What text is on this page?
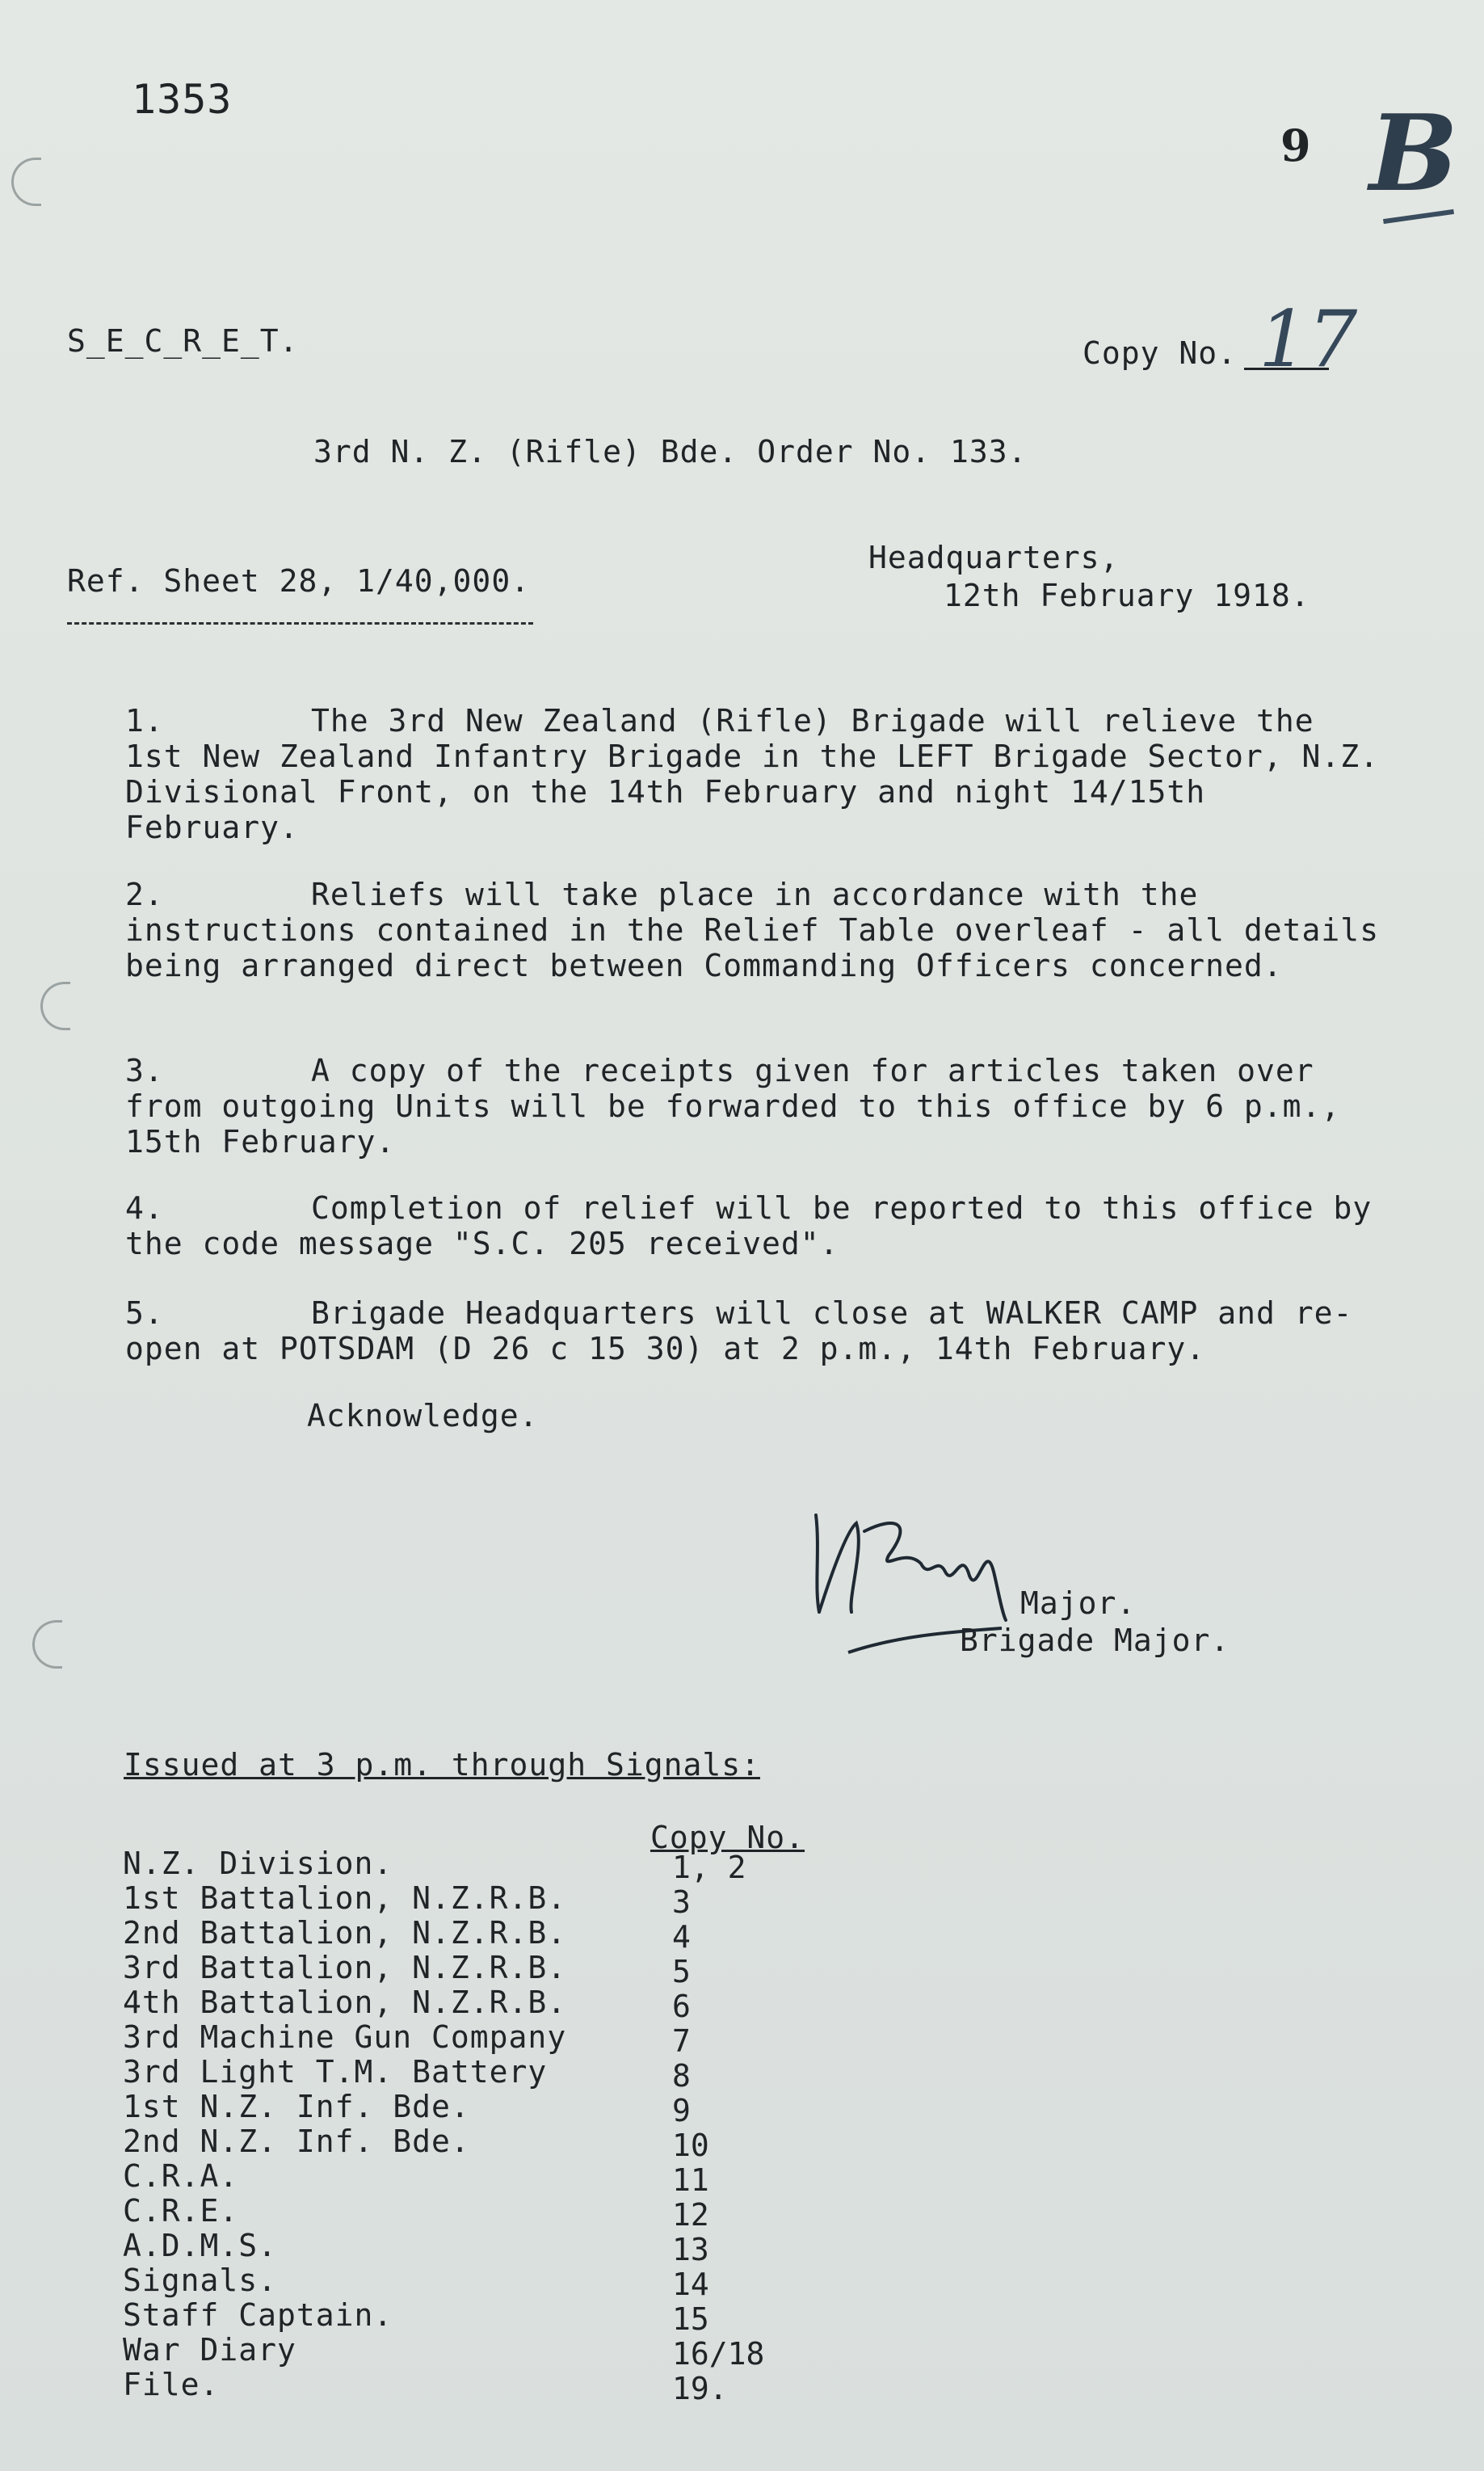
1353
9 B
S_E_C_R_E_T.	Copy No. 17
3rd N. Z. (Rifle) Bde. Order No. 133.
Ref. Sheet 28, 1/40,000.
Headquarters,
12th February 1918.
1.	The 3rd New Zealand (Rifle) Brigade will relieve the 1st New Zealand Infantry Brigade in the LEFT Brigade Sector, N.Z. Divisional Front, on the 14th February and night 14/15th February.
2.	Reliefs will take place in accordance with the instructions contained in the Relief Table overleaf - all details being arranged direct between Commanding Officers concerned.
3.	A copy of the receipts given for articles taken over from outgoing Units will be forwarded to this office by 6 p.m., 15th February.
4.	Completion of relief will be reported to this office by the code message "S.C. 205 received".
5.	Brigade Headquarters will close at WALKER CAMP and re-open at POTSDAM (D 26 c 15 30) at 2 p.m., 14th February.
Acknowledge.
Major.
Brigade Major.
Issued at 3 p.m. through Signals:
Copy No.
N.Z. Division.	1, 2
1st Battalion, N.Z.R.B.	3
2nd Battalion, N.Z.R.B.	4
3rd Battalion, N.Z.R.B.	5
4th Battalion, N.Z.R.B.	6
3rd Machine Gun Company	7
3rd Light T.M. Battery	8
1st N.Z. Inf. Bde.	9
2nd N.Z. Inf. Bde.	10
C.R.A.	11
C.R.E.	12
A.D.M.S.	13
Signals.	14
Staff Captain.	15
War Diary	16/18
File.	19.
